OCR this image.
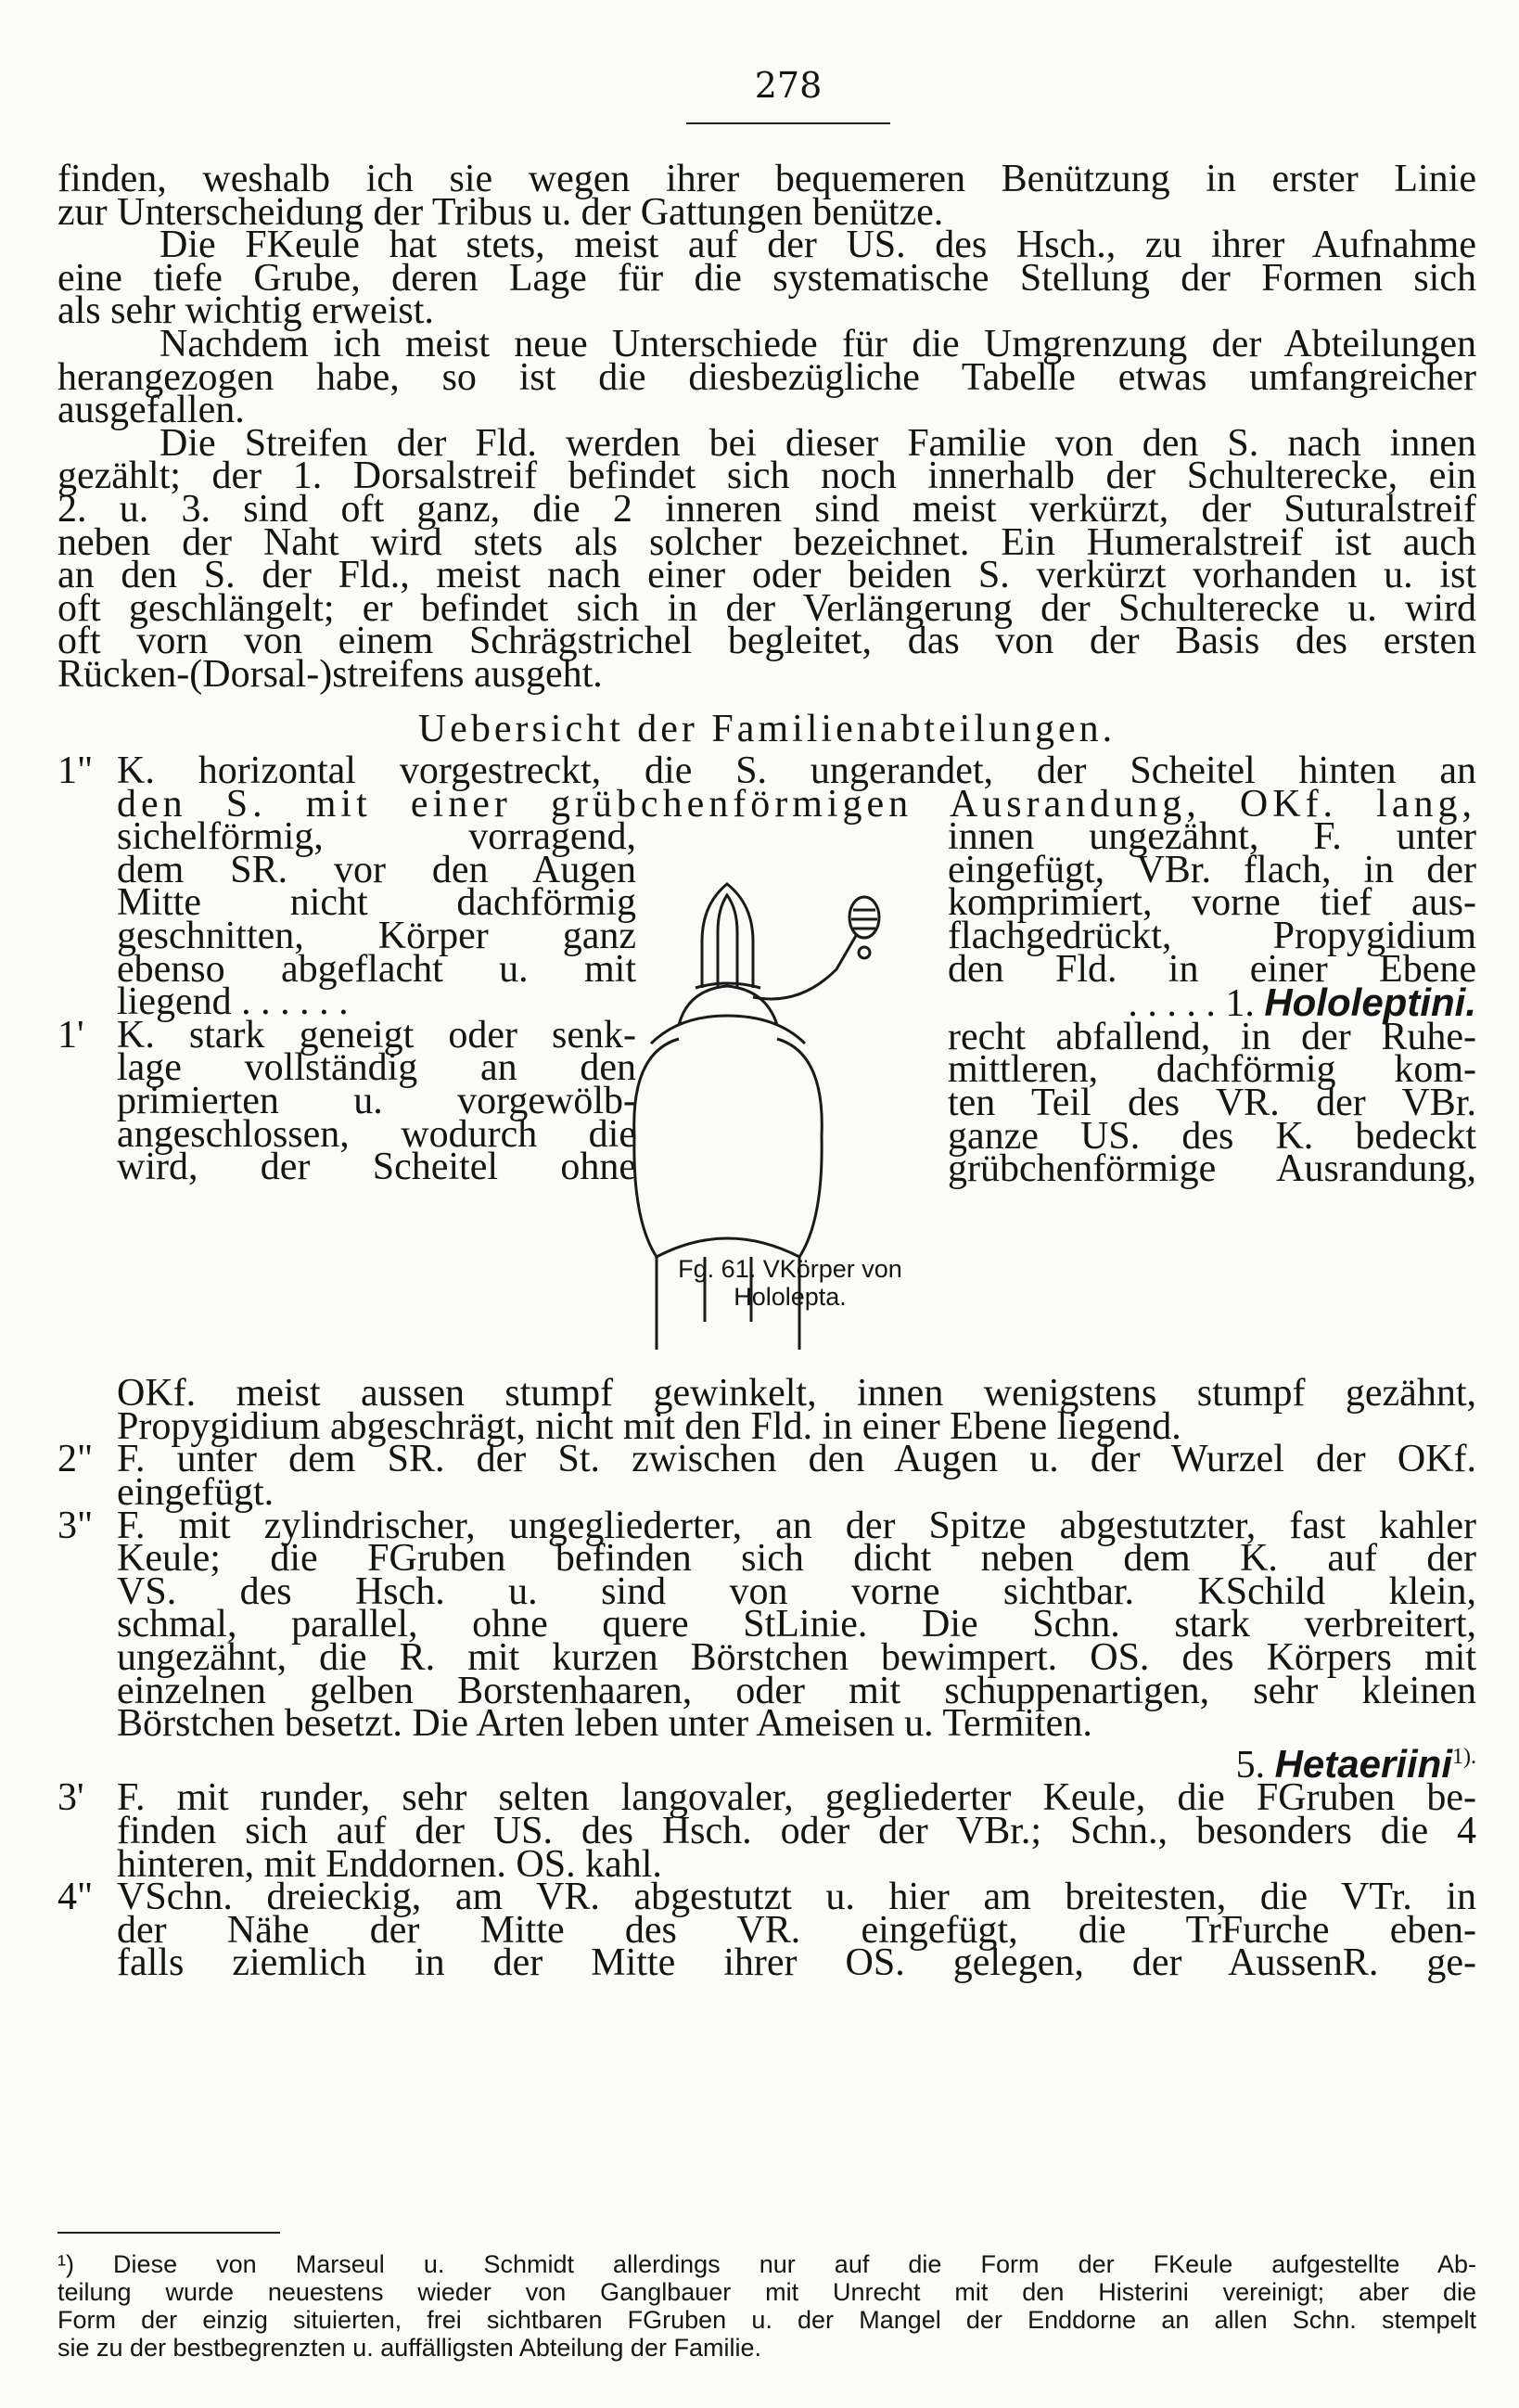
278
finden, weshalb ich sie wegen ihrer bequemeren Benützung in erster Linie
zur Unterscheidung der Tribus u. der Gattungen benütze.
Die FKeule hat stets, meist auf der US. des Hsch., zu ihrer Aufnahme
eine tiefe Grube, deren Lage für die systematische Stellung der Formen sich
als sehr wichtig erweist.
Nachdem ich meist neue Unterschiede für die Umgrenzung der Abteilungen
herangezogen habe, so ist die diesbezügliche Tabelle etwas umfangreicher
ausgefallen.
Die Streifen der Fld. werden bei dieser Familie von den S. nach innen
gezählt; der 1. Dorsalstreif befindet sich noch innerhalb der Schulterecke, ein
2. u. 3. sind oft ganz, die 2 inneren sind meist verkürzt, der Suturalstreif
neben der Naht wird stets als solcher bezeichnet. Ein Humeralstreif ist auch
an den S. der Fld., meist nach einer oder beiden S. verkürzt vorhanden u. ist
oft geschlängelt; er befindet sich in der Verlängerung der Schulterecke u. wird
oft vorn von einem Schrägstrichel begleitet, das von der Basis des ersten
Rücken-(Dorsal-)streifens ausgeht.
Uebersicht der Familienabteilungen.
1" K. horizontal vorgestreckt, die S. ungerandet, der Scheitel hinten an
den S. mit einer grübchenförmigen Ausrandung, OKf. lang,
sichelförmig, vorragend,
dem SR. vor den Augen
Mitte nicht dachförmig
geschnitten, Körper ganz
ebenso abgeflacht u. mit
liegend . . . . . .
1' K. stark geneigt oder senk-
lage vollständig an den
primierten u. vorgewölb-
angeschlossen, wodurch die
wird, der Scheitel ohne
Fg. 61. VKörper von
Hololepta.
innen ungezähnt, F. unter
eingefügt, VBr. flach, in der
komprimiert, vorne tief aus-
flachgedrückt, Propygidium
den Fld. in einer Ebene
. . . . . 1. Hololeptini.
recht abfallend, in der Ruhe-
mittleren, dachförmig kom-
ten Teil des VR. der VBr.
ganze US. des K. bedeckt
grübchenförmige Ausrandung,
OKf. meist aussen stumpf gewinkelt, innen wenigstens stumpf gezähnt,
Propygidium abgeschrägt, nicht mit den Fld. in einer Ebene liegend.
2" F. unter dem SR. der St. zwischen den Augen u. der Wurzel der OKf.
eingefügt.
3" F. mit zylindrischer, ungegliederter, an der Spitze abgestutzter, fast kahler
Keule; die FGruben befinden sich dicht neben dem K. auf der
VS. des Hsch. u. sind von vorne sichtbar. KSchild klein,
schmal, parallel, ohne quere StLinie. Die Schn. stark verbreitert,
ungezähnt, die R. mit kurzen Börstchen bewimpert. OS. des Körpers mit
einzelnen gelben Borstenhaaren, oder mit schuppenartigen, sehr kleinen
Börstchen besetzt. Die Arten leben unter Ameisen u. Termiten.
5. Hetaeriini$^{1).}$
3' F. mit runder, sehr selten langovaler, gegliederter Keule, die FGruben be-
finden sich auf der US. des Hsch. oder der VBr.; Schn., besonders die 4
hinteren, mit Enddornen. OS. kahl.
4" VSchn. dreieckig, am VR. abgestutzt u. hier am breitesten, die VTr. in
der Nähe der Mitte des VR. eingefügt, die TrFurche eben-
falls ziemlich in der Mitte ihrer OS. gelegen, der AussenR. ge-
¹) Diese von Marseul u. Schmidt allerdings nur auf die Form der FKeule aufgestellte Ab-
teilung wurde neuestens wieder von Ganglbauer mit Unrecht mit den Histerini vereinigt; aber die
Form der einzig situierten, frei sichtbaren FGruben u. der Mangel der Enddorne an allen Schn. stempelt
sie zu der bestbegrenzten u. auffälligsten Abteilung der Familie.
